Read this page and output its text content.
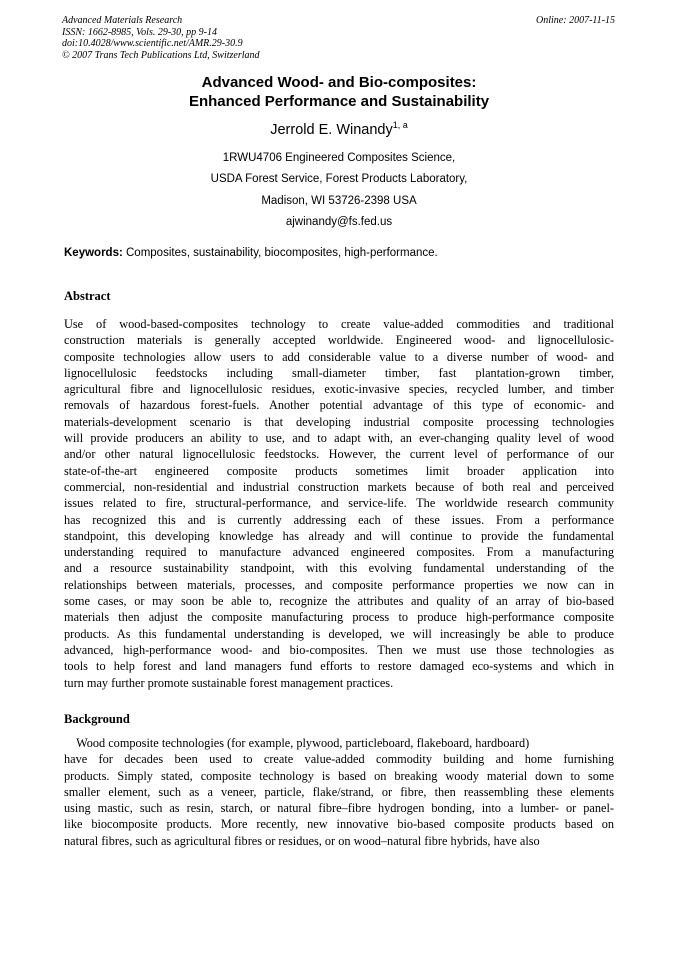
Advanced Materials Research
ISSN: 1662-8985, Vols. 29-30, pp 9-14
doi:10.4028/www.scientific.net/AMR.29-30.9
© 2007 Trans Tech Publications Ltd, Switzerland
Online: 2007-11-15
Advanced Wood- and Bio-composites:
Enhanced Performance and Sustainability
Jerrold E. Winandy$^{1, a}$
1RWU4706 Engineered Composites Science,
USDA Forest Service, Forest Products Laboratory,
Madison, WI 53726-2398 USA
ajwinandy@fs.fed.us
Keywords: Composites, sustainability, biocomposites, high-performance.
Abstract
Use of wood-based-composites technology to create value-added commodities and traditional
construction materials is generally accepted worldwide. Engineered wood- and lignocellulosic-
composite technologies allow users to add considerable value to a diverse number of wood- and
lignocellulosic feedstocks including small-diameter timber, fast plantation-grown timber,
agricultural fibre and lignocellulosic residues, exotic-invasive species, recycled lumber, and timber
removals of hazardous forest-fuels. Another potential advantage of this type of economic- and
materials-development scenario is that developing industrial composite processing technologies
will provide producers an ability to use, and to adapt with, an ever-changing quality level of wood
and/or other natural lignocellulosic feedstocks. However, the current level of performance of our
state-of-the-art engineered composite products sometimes limit broader application into
commercial, non-residential and industrial construction markets because of both real and perceived
issues related to fire, structural-performance, and service-life. The worldwide research community
has recognized this and is currently addressing each of these issues. From a performance
standpoint, this developing knowledge has already and will continue to provide the fundamental
understanding required to manufacture advanced engineered composites. From a manufacturing
and a resource sustainability standpoint, with this evolving fundamental understanding of the
relationships between materials, processes, and composite performance properties we now can in
some cases, or may soon be able to, recognize the attributes and quality of an array of bio-based
materials then adjust the composite manufacturing process to produce high-performance composite
products. As this fundamental understanding is developed, we will increasingly be able to produce
advanced, high-performance wood- and bio-composites. Then we must use those technologies as
tools to help forest and land managers fund efforts to restore damaged eco-systems and which in
turn may further promote sustainable forest management practices.
Background
Wood composite technologies (for example, plywood, particleboard, flakeboard, hardboard)
have for decades been used to create value-added commodity building and home furnishing
products. Simply stated, composite technology is based on breaking woody material down to some
smaller element, such as a veneer, particle, flake/strand, or fibre, then reassembling these elements
using mastic, such as resin, starch, or natural fibre–fibre hydrogen bonding, into a lumber- or panel-
like biocomposite products. More recently, new innovative bio-based composite products based on
natural fibres, such as agricultural fibres or residues, or on wood–natural fibre hybrids, have also
